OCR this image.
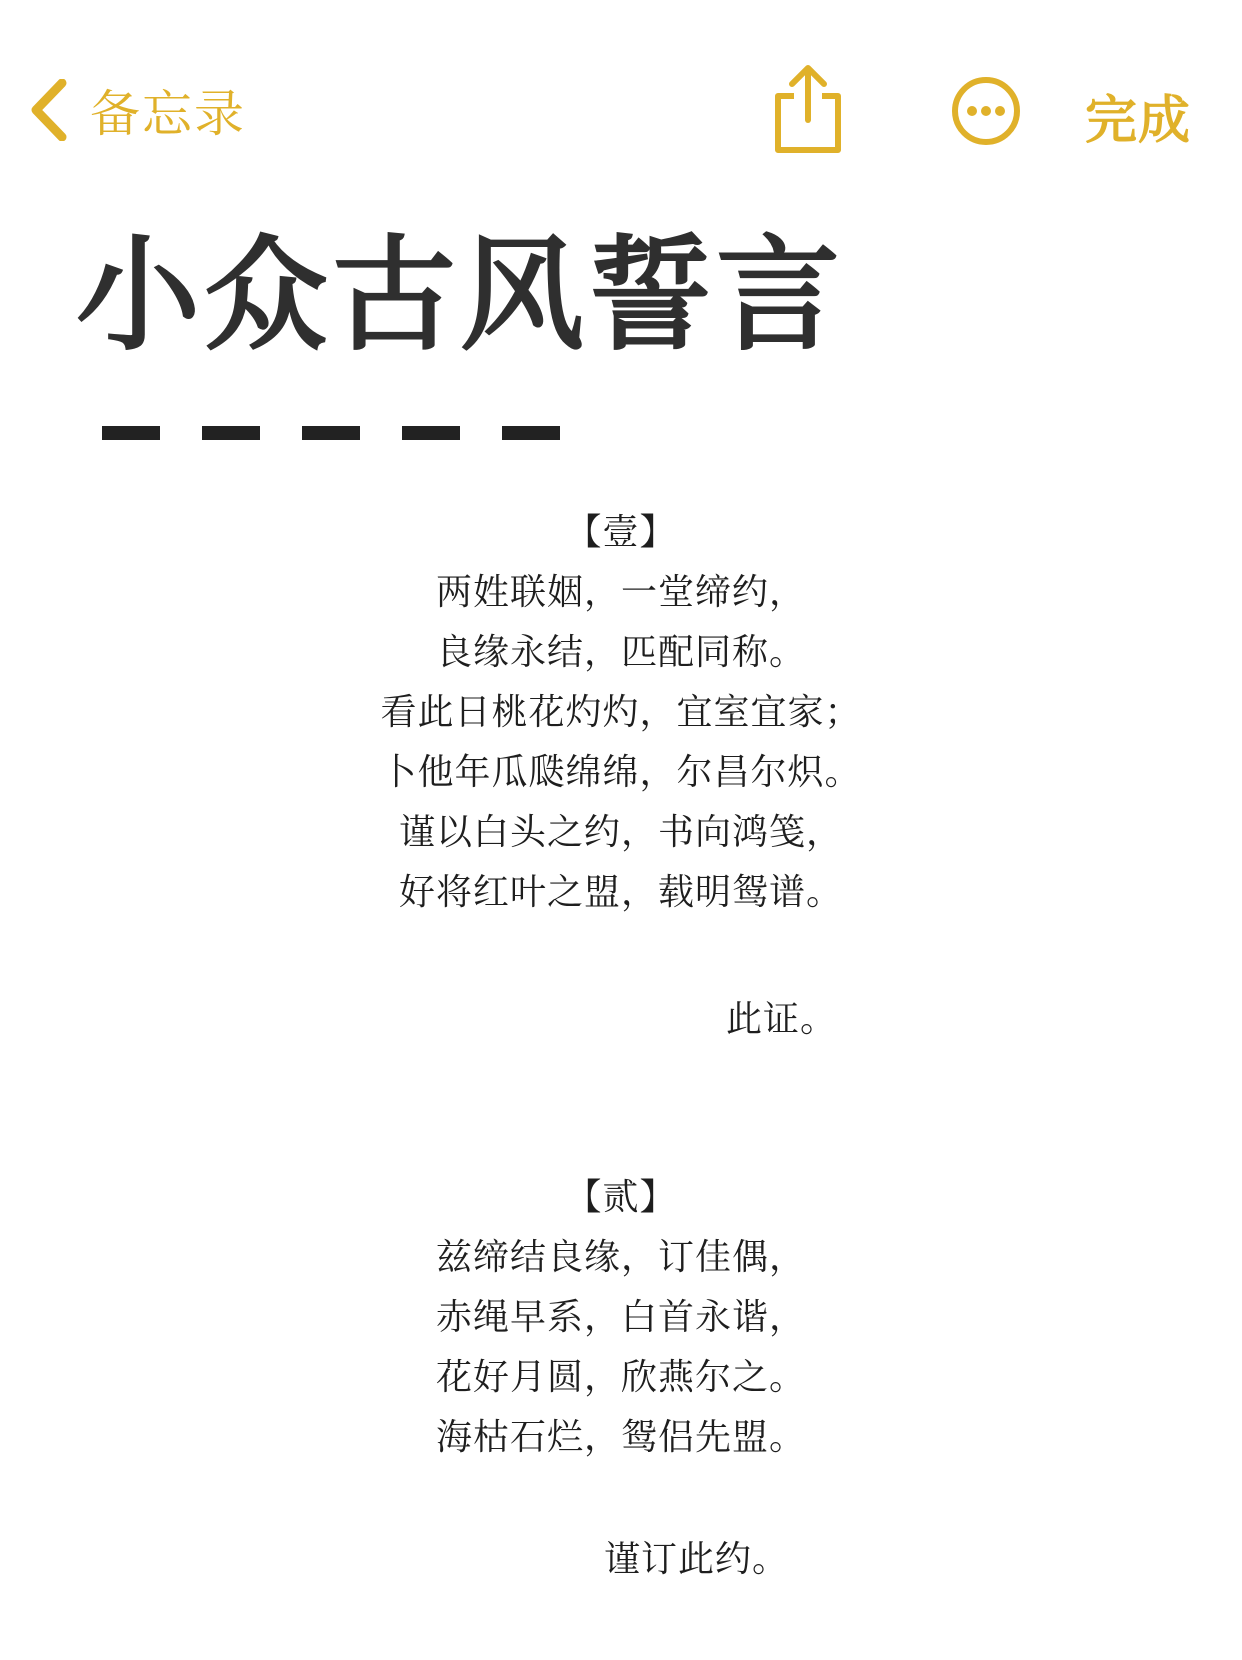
备忘录	完成
小众古风誓言
【壹】
两姓联姻，一堂缔约，
良缘永结，匹配同称。
看此日桃花灼灼，宜室宜家；
卜他年瓜瓞绵绵，尔昌尔炽。
谨以白头之约，书向鸿笺，
好将红叶之盟，载明鸳谱。
此证。
【贰】
兹缔结良缘，订佳偶，
赤绳早系，白首永谐，
花好月圆，欣燕尔之。
海枯石烂，鸳侣先盟。
谨订此约。
